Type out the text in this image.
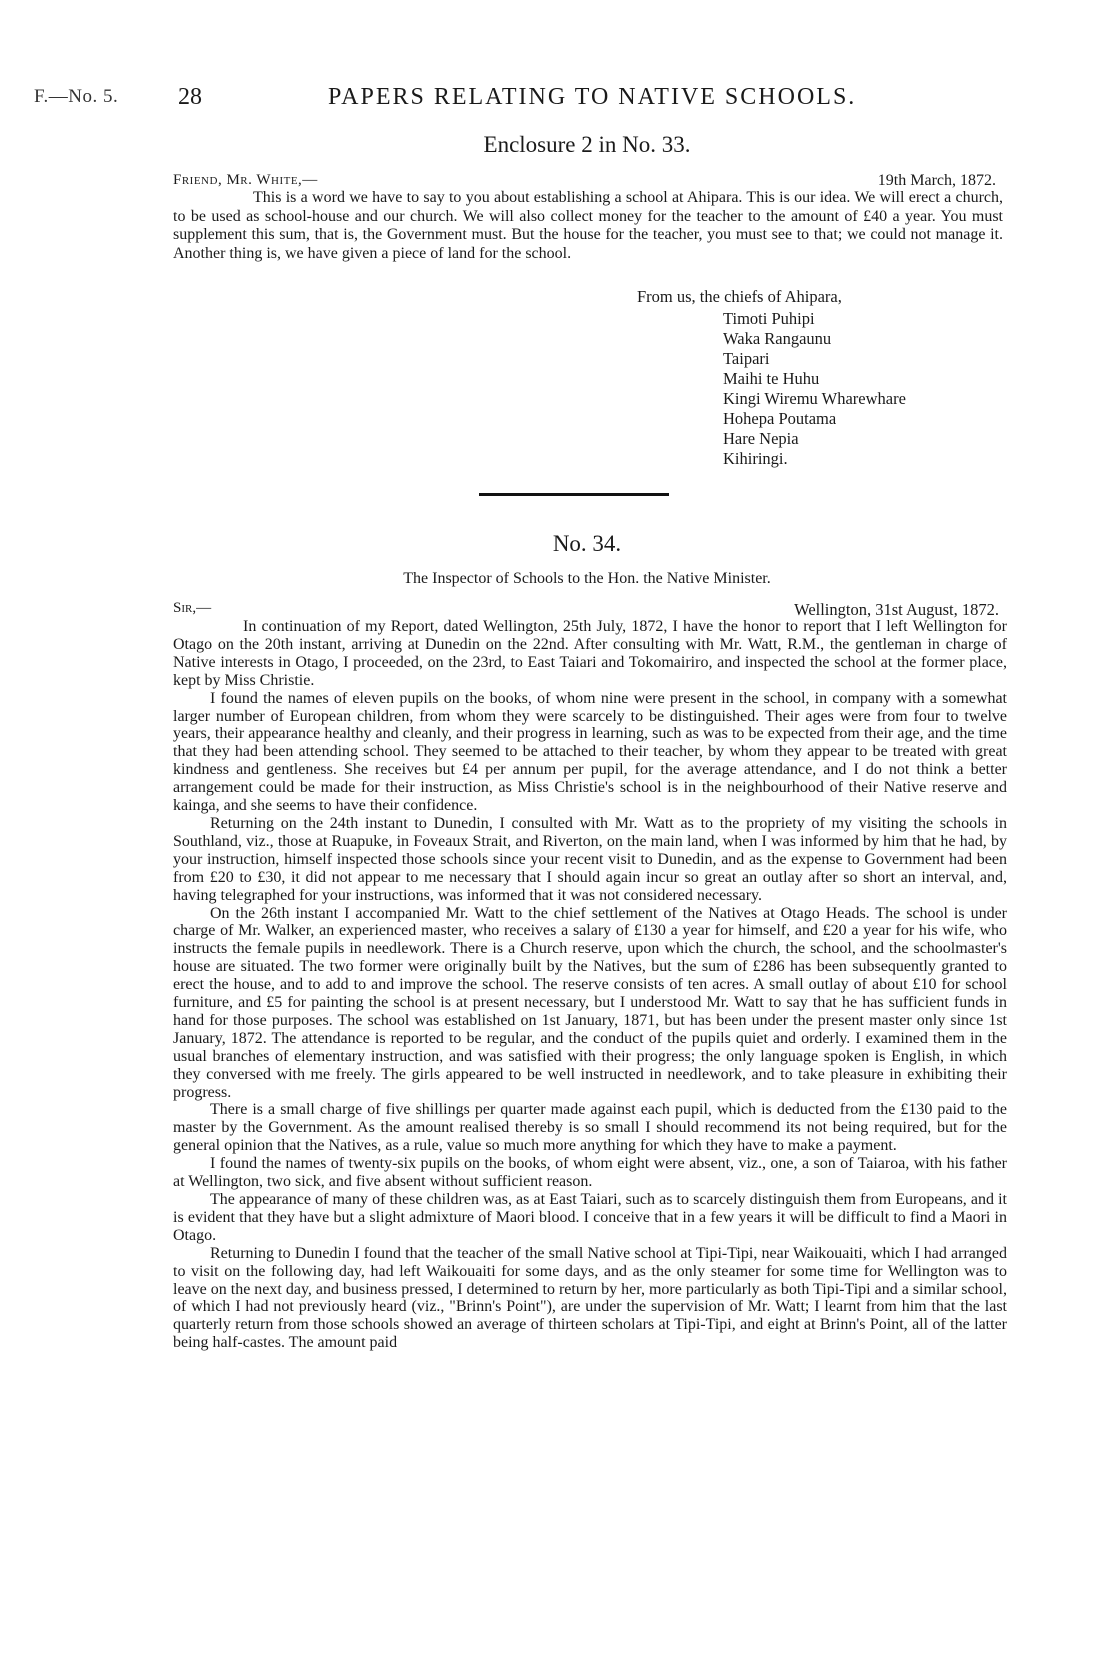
F.—No. 5. 28	PAPERS RELATING TO NATIVE SCHOOLS.
Enclosure 2 in No. 33.
Friend, Mr. White,—	19th March, 1872.

This is a word we have to say to you about establishing a school at Ahipara. This is our idea. We will erect a church, to be used as school-house and our church. We will also collect money for the teacher to the amount of £40 a year. You must supplement this sum, that is, the Government must. But the house for the teacher, you must see to that; we could not manage it. Another thing is, we have given a piece of land for the school.

From us, the chiefs of Ahipara,
Timoti Puhipi
Waka Rangaunu
Taipari
Maihi te Huhu
Kingi Wiremu Wharewhare
Hohepa Poutama
Hare Nepia
Kihiringi.
No. 34.
The Inspector of Schools to the Hon. the Native Minister.
Sir,—	Wellington, 31st August, 1872.

In continuation of my Report, dated Wellington, 25th July, 1872, I have the honor to report that I left Wellington for Otago on the 20th instant, arriving at Dunedin on the 22nd. After consulting with Mr. Watt, R.M., the gentleman in charge of Native interests in Otago, I proceeded, on the 23rd, to East Taiari and Tokomairiro, and inspected the school at the former place, kept by Miss Christie.

I found the names of eleven pupils on the books, of whom nine were present in the school, in company with a somewhat larger number of European children, from whom they were scarcely to be distinguished. Their ages were from four to twelve years, their appearance healthy and cleanly, and their progress in learning, such as was to be expected from their age, and the time that they had been attending school. They seemed to be attached to their teacher, by whom they appear to be treated with great kindness and gentleness. She receives but £4 per annum per pupil, for the average attendance, and I do not think a better arrangement could be made for their instruction, as Miss Christie's school is in the neighbourhood of their Native reserve and kainga, and she seems to have their confidence.

Returning on the 24th instant to Dunedin, I consulted with Mr. Watt as to the propriety of my visiting the schools in Southland, viz., those at Ruapuke, in Foveaux Strait, and Riverton, on the main land, when I was informed by him that he had, by your instruction, himself inspected those schools since your recent visit to Dunedin, and as the expense to Government had been from £20 to £30, it did not appear to me necessary that I should again incur so great an outlay after so short an interval, and, having telegraphed for your instructions, was informed that it was not considered necessary.

On the 26th instant I accompanied Mr. Watt to the chief settlement of the Natives at Otago Heads. The school is under charge of Mr. Walker, an experienced master, who receives a salary of £130 a year for himself, and £20 a year for his wife, who instructs the female pupils in needlework. There is a Church reserve, upon which the church, the school, and the schoolmaster's house are situated. The two former were originally built by the Natives, but the sum of £286 has been subsequently granted to erect the house, and to add to and improve the school. The reserve consists of ten acres. A small outlay of about £10 for school furniture, and £5 for painting the school is at present necessary, but I understood Mr. Watt to say that he has sufficient funds in hand for those purposes. The school was established on 1st January, 1871, but has been under the present master only since 1st January, 1872. The attendance is reported to be regular, and the conduct of the pupils quiet and orderly. I examined them in the usual branches of elementary instruction, and was satisfied with their progress; the only language spoken is English, in which they conversed with me freely. The girls appeared to be well instructed in needlework, and to take pleasure in exhibiting their progress.

There is a small charge of five shillings per quarter made against each pupil, which is deducted from the £130 paid to the master by the Government. As the amount realised thereby is so small I should recommend its not being required, but for the general opinion that the Natives, as a rule, value so much more anything for which they have to make a payment.

I found the names of twenty-six pupils on the books, of whom eight were absent, viz., one, a son of Taiaroa, with his father at Wellington, two sick, and five absent without sufficient reason.

The appearance of many of these children was, as at East Taiari, such as to scarcely distinguish them from Europeans, and it is evident that they have but a slight admixture of Maori blood. I conceive that in a few years it will be difficult to find a Maori in Otago.

Returning to Dunedin I found that the teacher of the small Native school at Tipi-Tipi, near Waikouaiti, which I had arranged to visit on the following day, had left Waikouaiti for some days, and as the only steamer for some time for Wellington was to leave on the next day, and business pressed, I determined to return by her, more particularly as both Tipi-Tipi and a similar school, of which I had not previously heard (viz., "Brinn's Point"), are under the supervision of Mr. Watt; I learnt from him that the last quarterly return from those schools showed an average of thirteen scholars at Tipi-Tipi, and eight at Brinn's Point, all of the latter being half-castes. The amount paid
